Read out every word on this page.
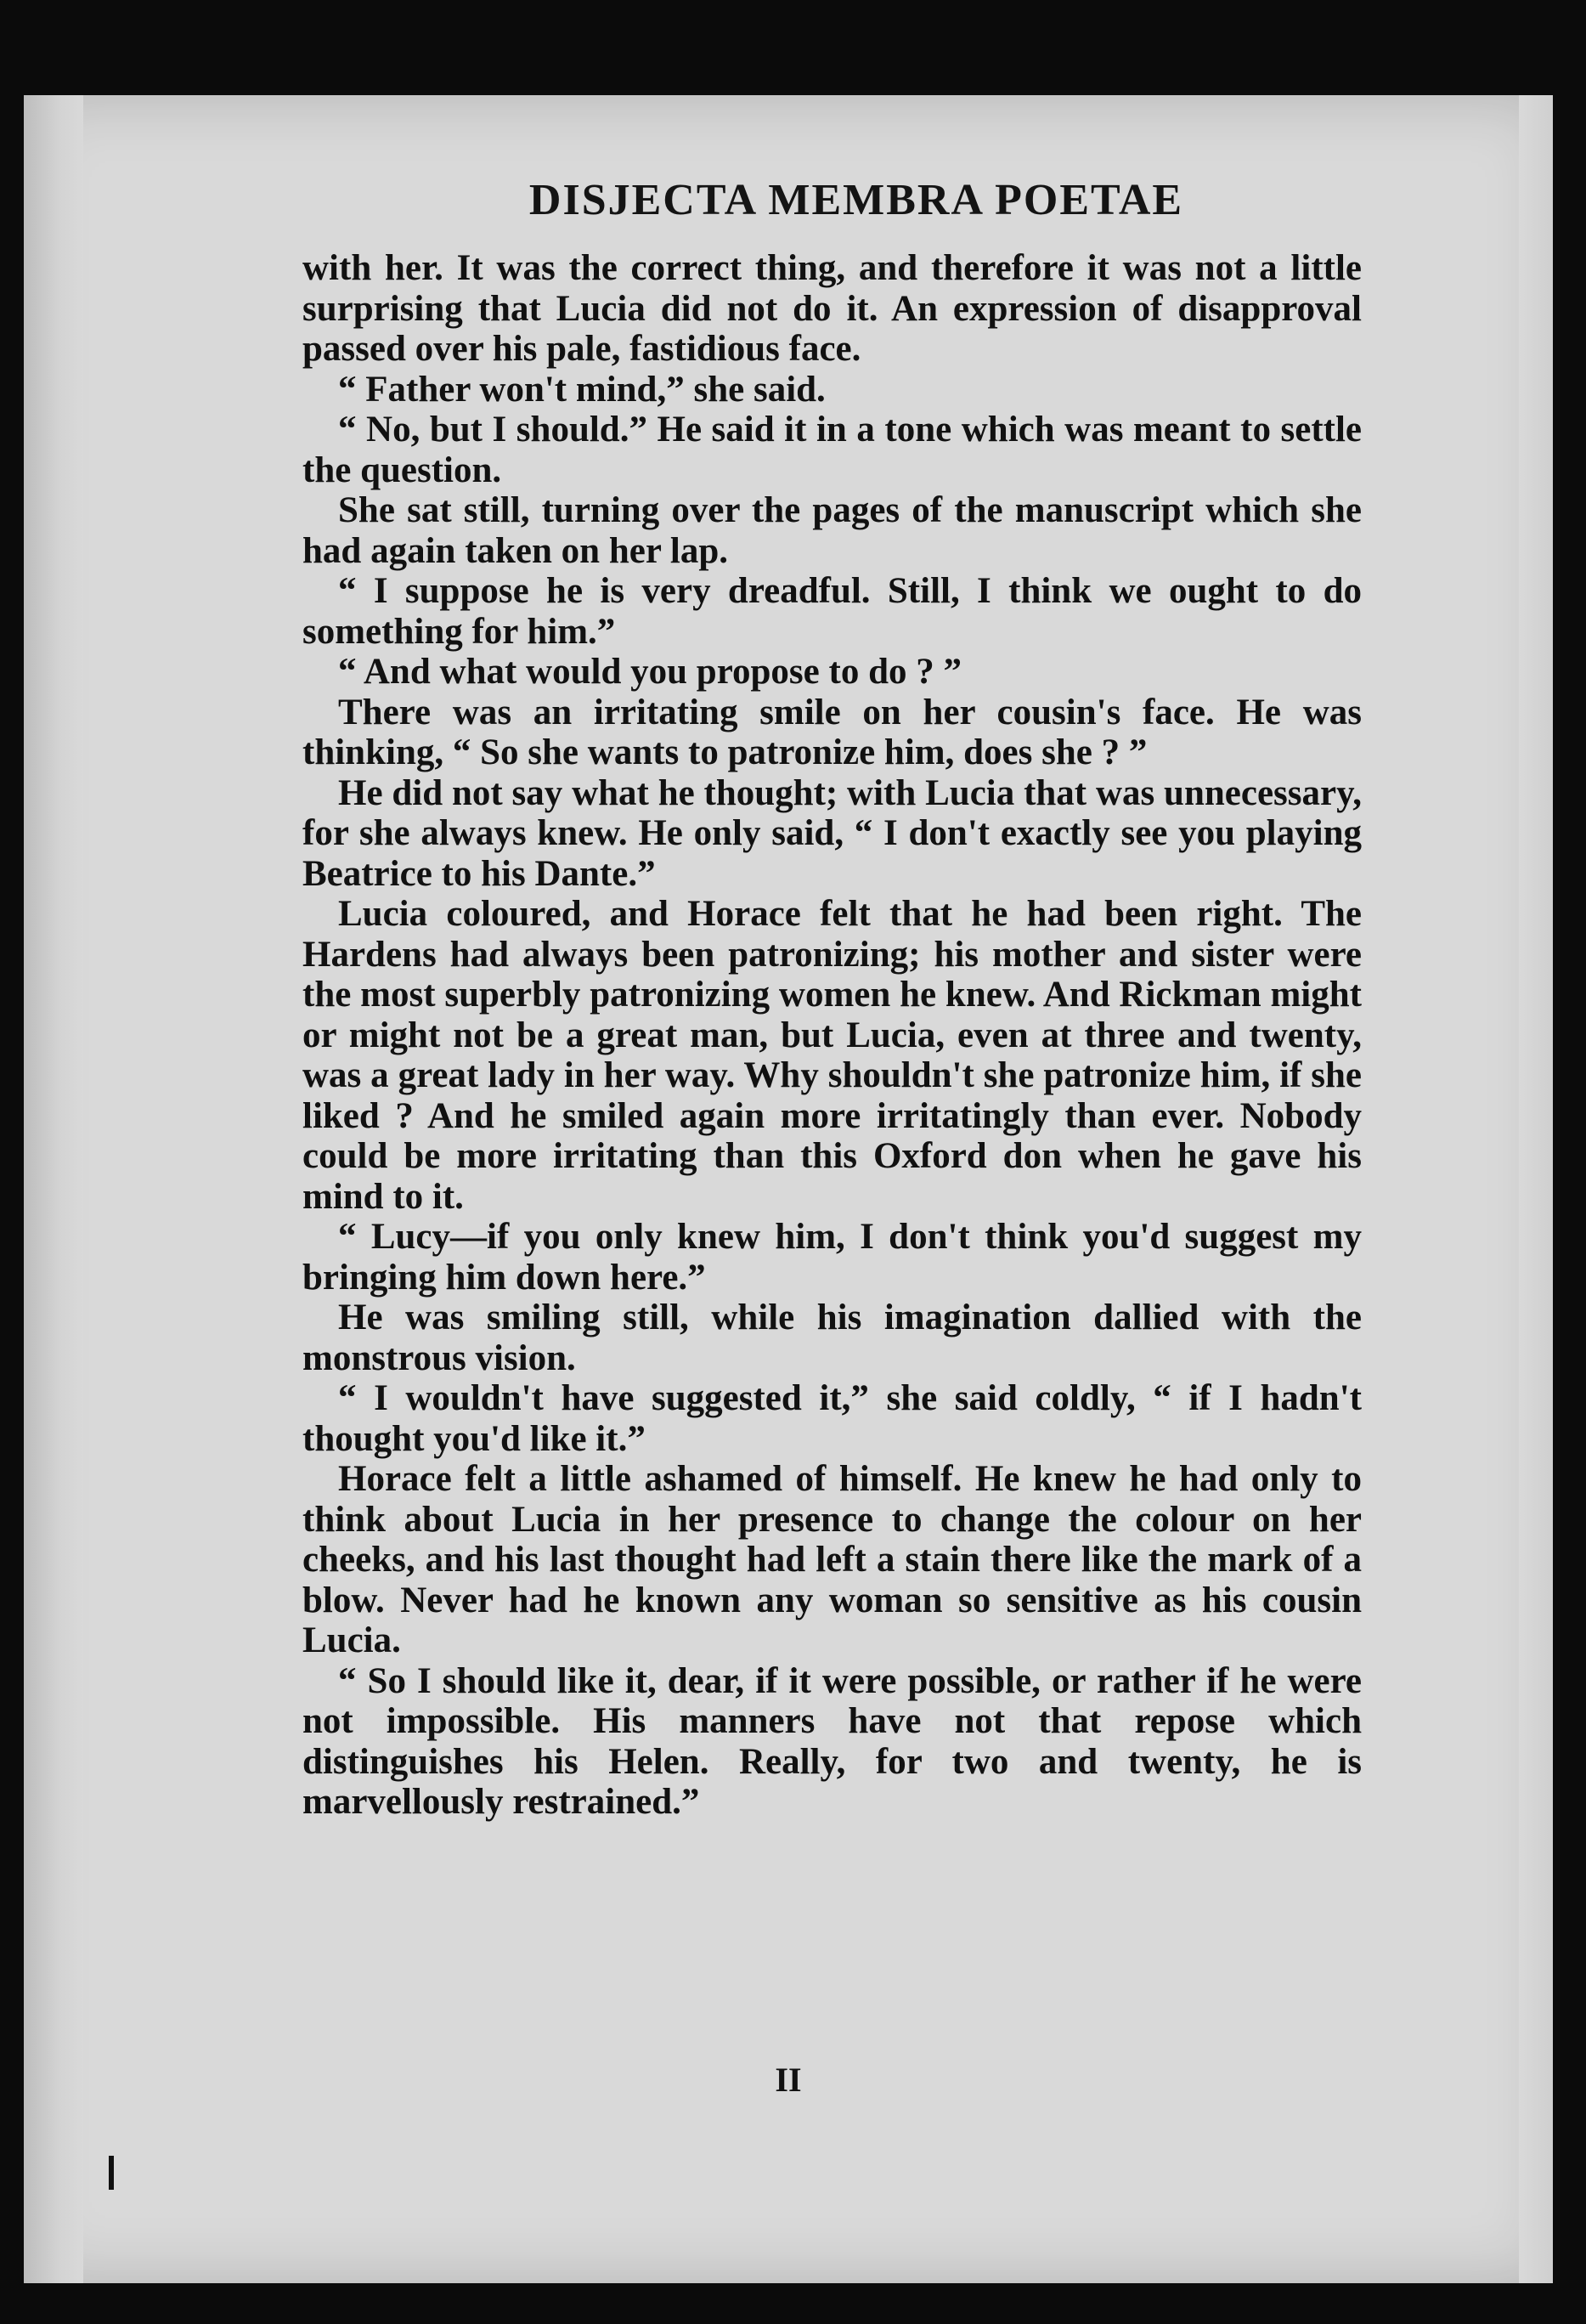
DISJECTA MEMBRA POETAE

with her. It was the correct thing, and therefore it was not a little surprising that Lucia did not do it. An expression of disapproval passed over his pale, fastidious face.

“ Father won't mind,” she said.

“ No, but I should.” He said it in a tone which was meant to settle the question.

She sat still, turning over the pages of the manuscript which she had again taken on her lap.

“ I suppose he is very dreadful. Still, I think we ought to do something for him.”

“ And what would you propose to do ? ”

There was an irritating smile on her cousin's face. He was thinking, “ So she wants to patronize him, does she ? ”

He did not say what he thought; with Lucia that was unnecessary, for she always knew. He only said, “ I don't exactly see you playing Beatrice to his Dante.”

Lucia coloured, and Horace felt that he had been right. The Hardens had always been patronizing; his mother and sister were the most superbly patronizing women he knew. And Rickman might or might not be a great man, but Lucia, even at three and twenty, was a great lady in her way. Why shouldn't she patronize him, if she liked ? And he smiled again more irritatingly than ever. Nobody could be more irritating than this Oxford don when he gave his mind to it.

“ Lucy—if you only knew him, I don't think you'd suggest my bringing him down here.”

He was smiling still, while his imagination dallied with the monstrous vision.

“ I wouldn't have suggested it,” she said coldly, “ if I hadn't thought you'd like it.”

Horace felt a little ashamed of himself. He knew he had only to think about Lucia in her presence to change the colour on her cheeks, and his last thought had left a stain there like the mark of a blow. Never had he known any woman so sensitive as his cousin Lucia.

“ So I should like it, dear, if it were possible, or rather if he were not impossible. His manners have not that repose which distinguishes his Helen. Really, for two and twenty, he is marvellously restrained.”

II
